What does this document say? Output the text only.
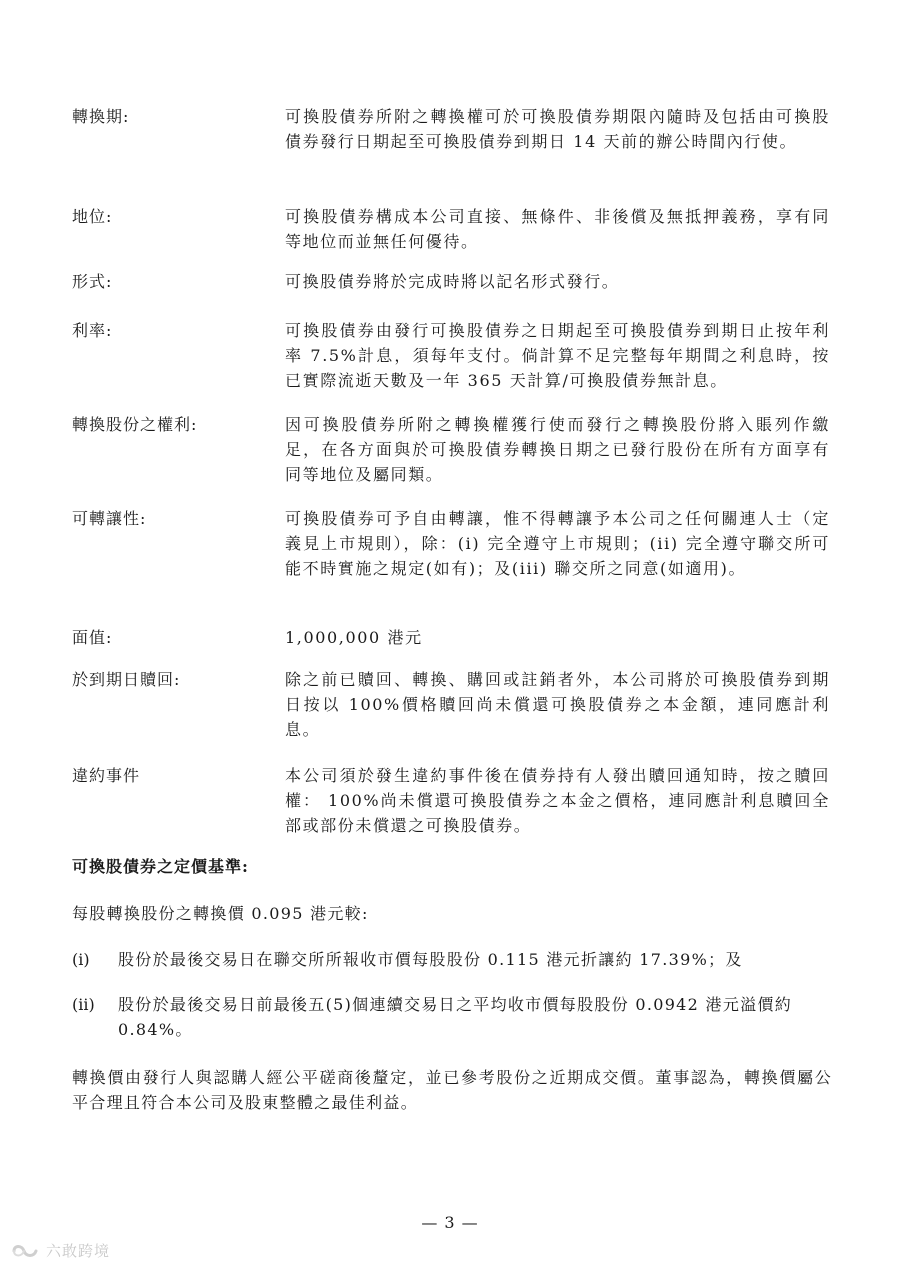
轉換期:	可換股債券所附之轉換權可於可換股債券期限內隨時及包括由可換股債券發行日期起至可換股債券到期日 14 天前的辦公時間內行使。
地位:	可換股債券構成本公司直接、無條件、非後償及無抵押義務，享有同等地位而並無任何優待。
形式:	可換股債券將於完成時將以記名形式發行。
利率:	可換股債券由發行可換股債券之日期起至可換股債券到期日止按年利率 7.5%計息，須每年支付。倘計算不足完整每年期間之利息時，按已實際流逝天數及一年 365 天計算/可換股債券無計息。
轉換股份之權利:	因可換股債券所附之轉換權獲行使而發行之轉換股份將入賬列作繳足，在各方面與於可換股債券轉換日期之已發行股份在所有方面享有同等地位及屬同類。
可轉讓性:	可換股債券可予自由轉讓，惟不得轉讓予本公司之任何關連人士（定義見上市規則），除：(i) 完全遵守上市規則；(ii) 完全遵守聯交所可能不時實施之規定(如有)；及(iii) 聯交所之同意(如適用)。
面值:	1,000,000 港元
於到期日贖回:	除之前已贖回、轉換、購回或註銷者外，本公司將於可換股債券到期日按以 100%價格贖回尚未償還可換股債券之本金額，連同應計利息。
違約事件	本公司須於發生違約事件後在債券持有人發出贖回通知時，按之贖回權： 100%尚未償還可換股債券之本金之價格，連同應計利息贖回全部或部份未償還之可換股債券。
可換股債券之定價基準:
每股轉換股份之轉換價 0.095 港元較:
(i) 股份於最後交易日在聯交所所報收市價每股股份 0.115 港元折讓約 17.39%；及
(ii) 股份於最後交易日前最後五(5)個連續交易日之平均收市價每股股份 0.0942 港元溢價約 0.84%。
轉換價由發行人與認購人經公平磋商後釐定，並已參考股份之近期成交價。董事認為，轉換價屬公平合理且符合本公司及股東整體之最佳利益。
— 3 —
六敢跨境
